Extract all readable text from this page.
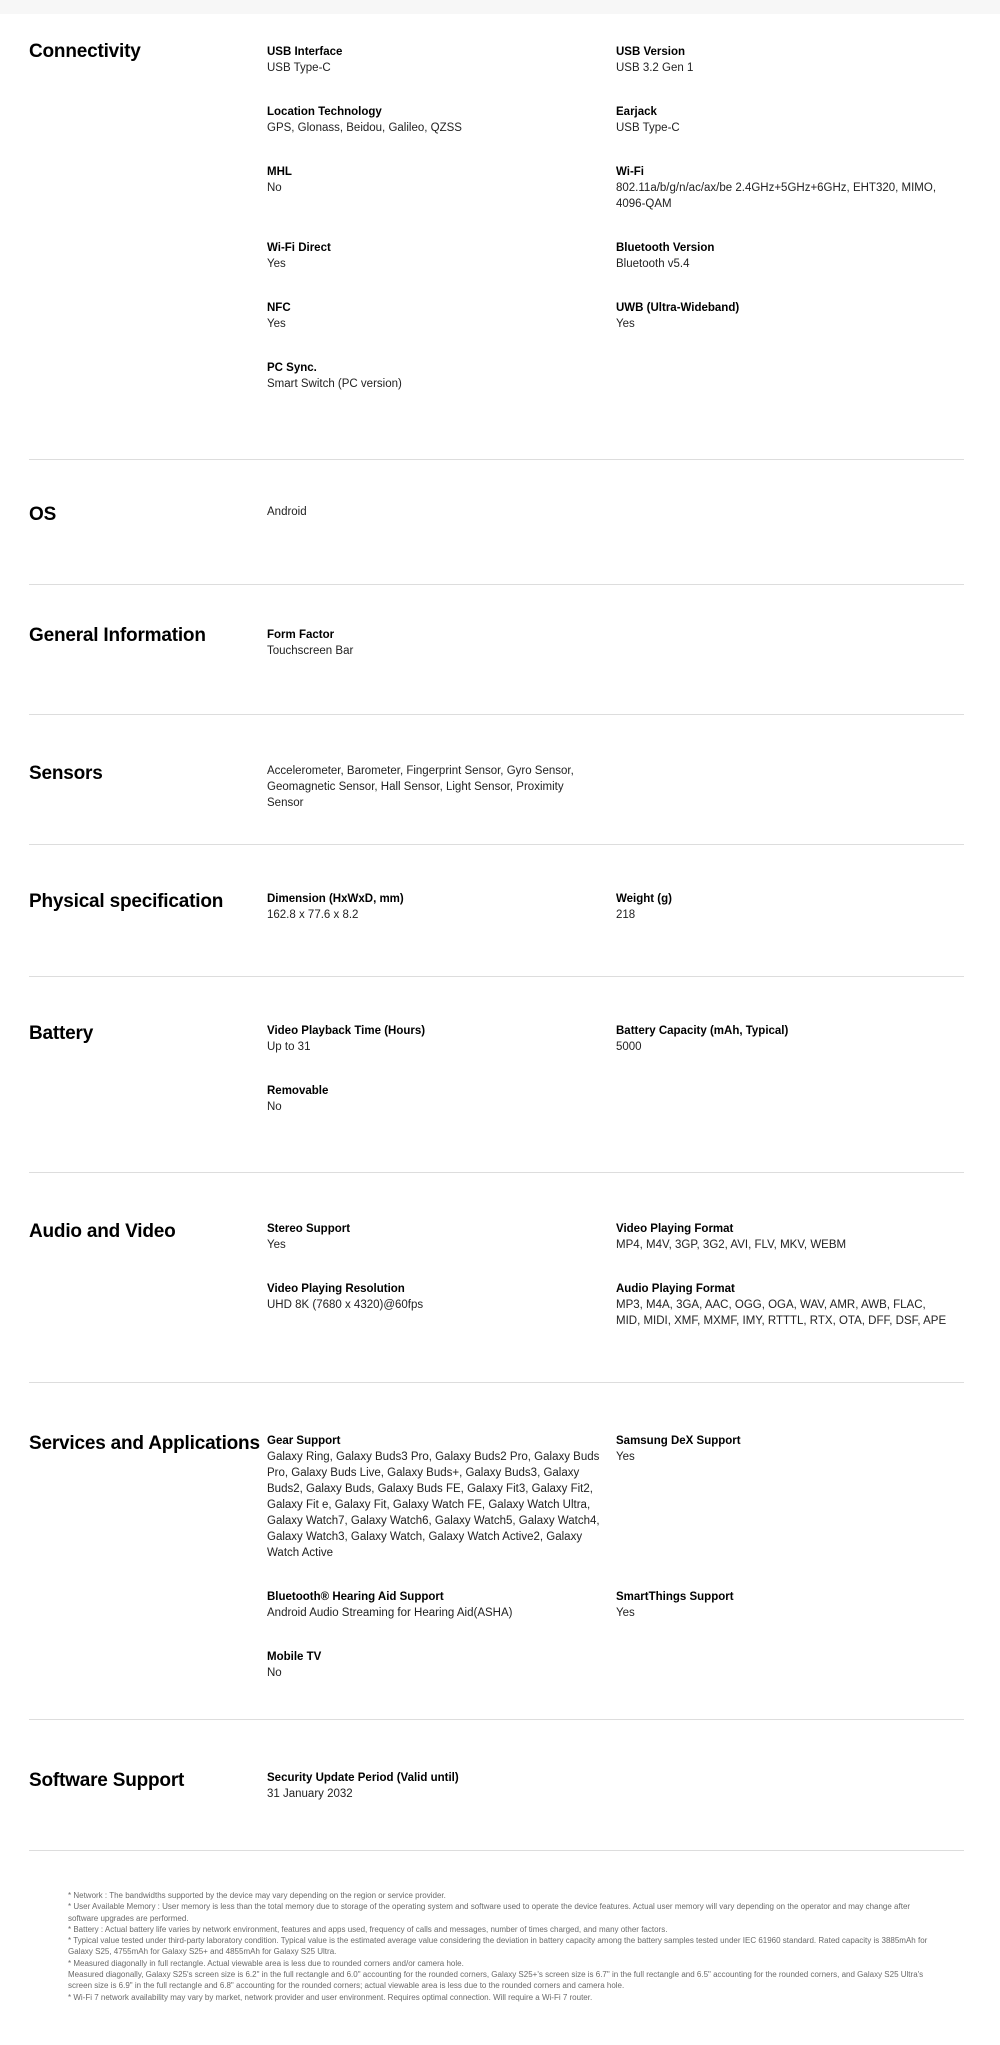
Connectivity	USB Interface
USB Type-C
USB Version
USB 3.2 Gen 1
Location Technology
GPS, Glonass, Beidou, Galileo, QZSS
Earjack
USB Type-C
MHL
No
Wi-Fi
802.11a/b/g/n/ac/ax/be 2.4GHz+5GHz+6GHz, EHT320, MIMO, 4096-QAM
Wi-Fi Direct
Yes
Bluetooth Version
Bluetooth v5.4
NFC
Yes
UWB (Ultra-Wideband)
Yes
PC Sync.
Smart Switch (PC version)
OS	Android
General Information	Form Factor
Touchscreen Bar
Sensors	Accelerometer, Barometer, Fingerprint Sensor, Gyro Sensor, Geomagnetic Sensor, Hall Sensor, Light Sensor, Proximity Sensor
Physical specification	Dimension (HxWxD, mm)
162.8 x 77.6 x 8.2
Weight (g)
218
Battery	Video Playback Time (Hours)
Up to 31
Battery Capacity (mAh, Typical)
5000
Removable
No
Audio and Video	Stereo Support
Yes
Video Playing Format
MP4, M4V, 3GP, 3G2, AVI, FLV, MKV, WEBM
Video Playing Resolution
UHD 8K (7680 x 4320)@60fps
Audio Playing Format
MP3, M4A, 3GA, AAC, OGG, OGA, WAV, AMR, AWB, FLAC, MID, MIDI, XMF, MXMF, IMY, RTTTL, RTX, OTA, DFF, DSF, APE
Services and Applications Gear Support
Galaxy Ring, Galaxy Buds3 Pro, Galaxy Buds2 Pro, Galaxy Buds Pro, Galaxy Buds Live, Galaxy Buds+, Galaxy Buds3, Galaxy Buds2, Galaxy Buds, Galaxy Buds FE, Galaxy Fit3, Galaxy Fit2, Galaxy Fit e, Galaxy Fit, Galaxy Watch FE, Galaxy Watch Ultra, Galaxy Watch7, Galaxy Watch6, Galaxy Watch5, Galaxy Watch4, Galaxy Watch3, Galaxy Watch, Galaxy Watch Active2, Galaxy Watch Active
Samsung DeX Support
Yes
Bluetooth® Hearing Aid Support
Android Audio Streaming for Hearing Aid(ASHA)
SmartThings Support
Yes
Mobile TV
No
Software Support	Security Update Period (Valid until)
31 January 2032

* Network : The bandwidths supported by the device may vary depending on the region or service provider.

* User Available Memory : User memory is less than the total memory due to storage of the operating system and software used to operate the device features. Actual user memory will vary depending on the operator and may change after software upgrades are performed.

* Battery : Actual battery life varies by network environment, features and apps used, frequency of calls and messages, number of times charged, and many other factors.

* Typical value tested under third-party laboratory condition. Typical value is the estimated average value considering the deviation in battery capacity among the battery samples tested under IEC 61960 standard. Rated capacity is 3885mAh for Galaxy S25, 4755mAh for Galaxy S25+ and 4855mAh for Galaxy S25 Ultra.

* Measured diagonally in full rectangle. Actual viewable area is less due to rounded corners and/or camera hole.

Measured diagonally, Galaxy S25's screen size is 6.2" in the full rectangle and 6.0" accounting for the rounded corners, Galaxy S25+'s screen size is 6.7" in the full rectangle and 6.5" accounting for the rounded corners, and Galaxy S25 Ultra's screen size is 6.9" in the full rectangle and 6.8" accounting for the rounded corners; actual viewable area is less due to the rounded corners and camera hole.

* Wi-Fi 7 network availability may vary by market, network provider and user environment. Requires optimal connection. Will require a Wi-Fi 7 router.
